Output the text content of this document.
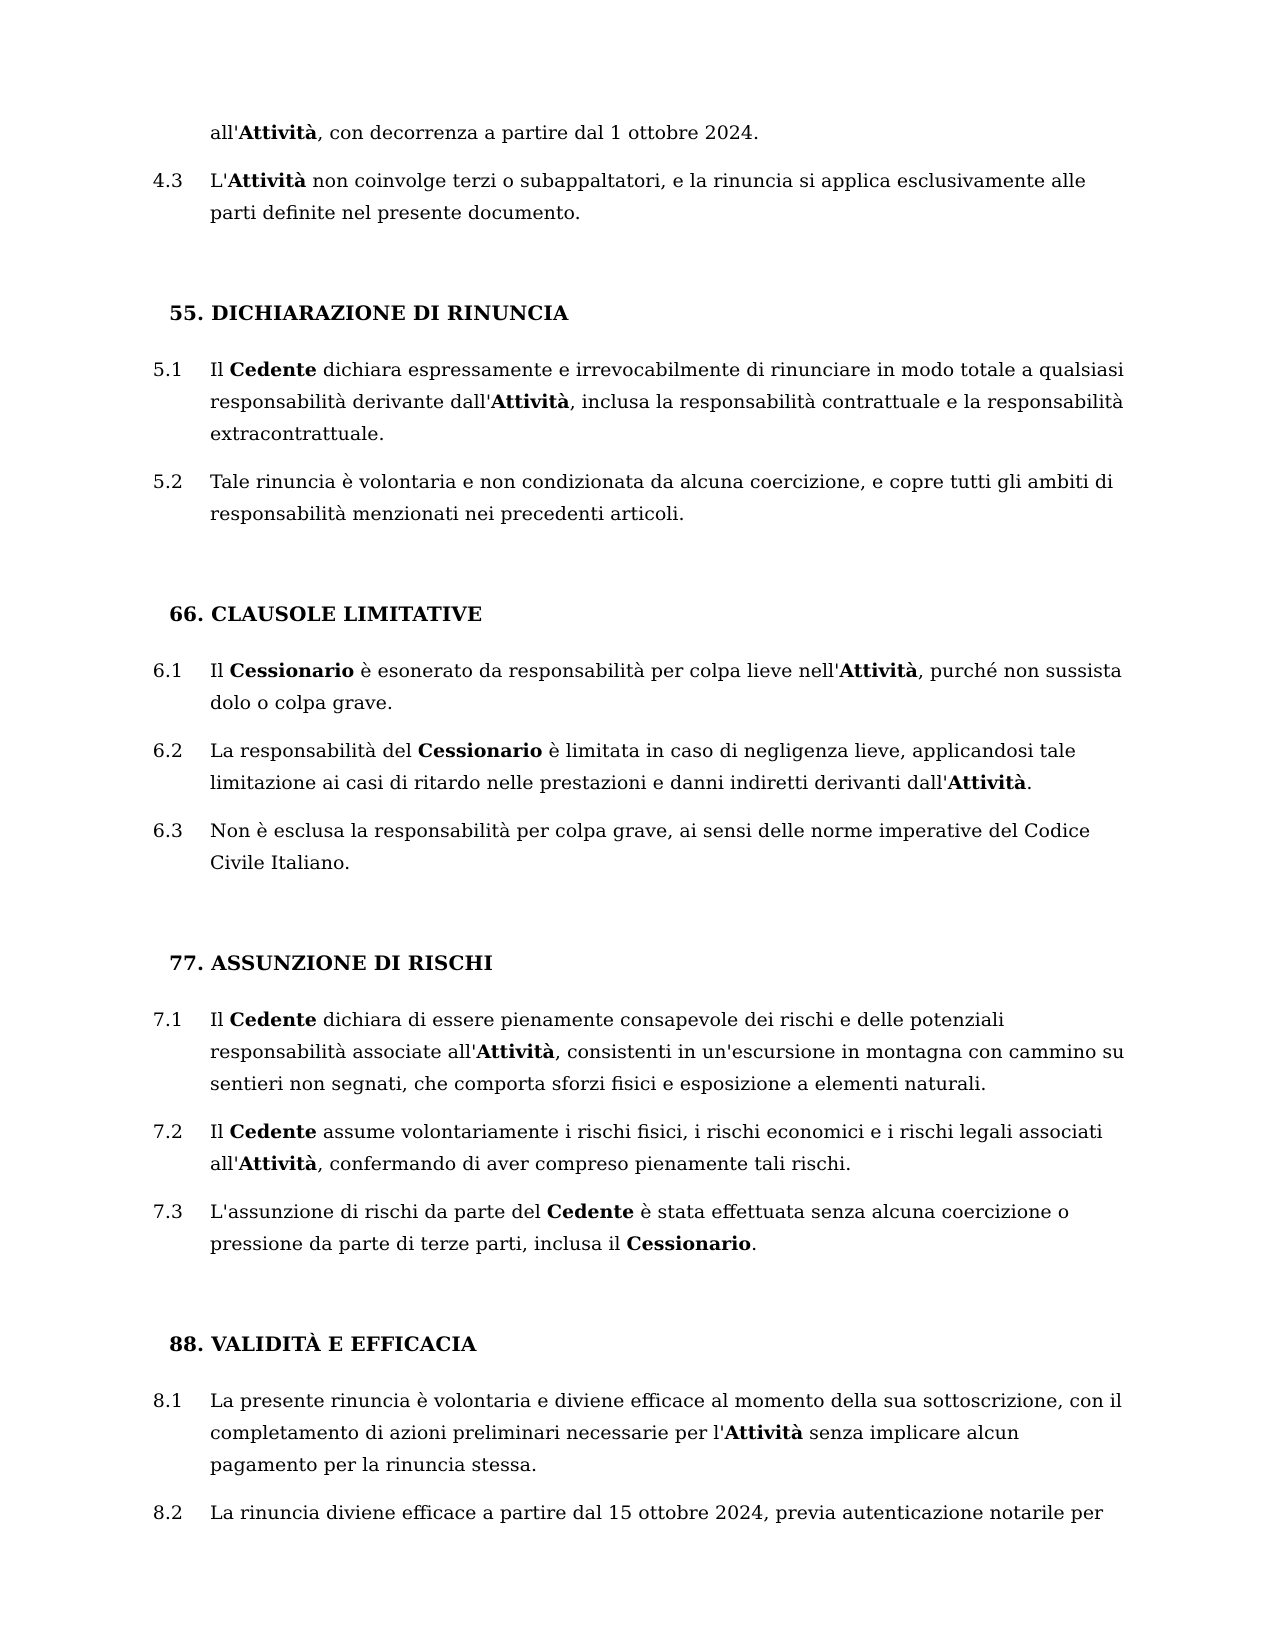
all'Attività, con decorrenza a partire dal 1 ottobre 2024.
4.3 L'Attività non coinvolge terzi o subappaltatori, e la rinuncia si applica esclusivamente alle parti definite nel presente documento.
5 5. DICHIARAZIONE DI RINUNCIA
5.1 Il Cedente dichiara espressamente e irrevocabilmente di rinunciare in modo totale a qualsiasi responsabilità derivante dall'Attività, inclusa la responsabilità contrattuale e la responsabilità extracontrattuale.
5.2 Tale rinuncia è volontaria e non condizionata da alcuna coercizione, e copre tutti gli ambiti di responsabilità menzionati nei precedenti articoli.
6 6. CLAUSOLE LIMITATIVE
6.1 Il Cessionario è esonerato da responsabilità per colpa lieve nell'Attività, purché non sussista dolo o colpa grave.
6.2 La responsabilità del Cessionario è limitata in caso di negligenza lieve, applicandosi tale limitazione ai casi di ritardo nelle prestazioni e danni indiretti derivanti dall'Attività.
6.3 Non è esclusa la responsabilità per colpa grave, ai sensi delle norme imperative del Codice Civile Italiano.
7 7. ASSUNZIONE DI RISCHI
7.1 Il Cedente dichiara di essere pienamente consapevole dei rischi e delle potenziali responsabilità associate all'Attività, consistenti in un'escursione in montagna con cammino su sentieri non segnati, che comporta sforzi fisici e esposizione a elementi naturali.
7.2 Il Cedente assume volontariamente i rischi fisici, i rischi economici e i rischi legali associati all'Attività, confermando di aver compreso pienamente tali rischi.
7.3 L'assunzione di rischi da parte del Cedente è stata effettuata senza alcuna coercizione o pressione da parte di terze parti, inclusa il Cessionario.
8 8. VALIDITÀ E EFFICACIA
8.1 La presente rinuncia è volontaria e diviene efficace al momento della sua sottoscrizione, con il completamento di azioni preliminari necessarie per l'Attività senza implicare alcun pagamento per la rinuncia stessa.
8.2 La rinuncia diviene efficace a partire dal 15 ottobre 2024, previa autenticazione notarile per
